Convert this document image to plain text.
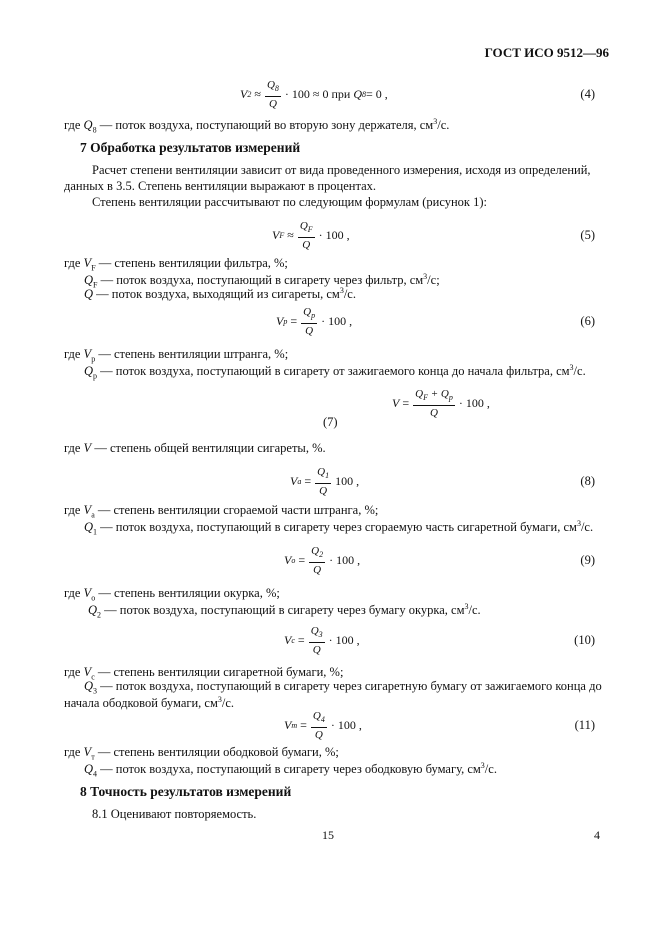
ГОСТ ИСО 9512—96
V $2 \approx \frac{Q_8}{Q} \cdot 100 \approx 0$ при
Q 8 = 0 ,	(4)
где $Q_8$ — поток воздуха, поступающий во вторую зону держателя, $см^3/с$.
7 Обработка результатов измерений
Расчет степени вентиляции зависит от вида проведенного измерения, исходя из определений, данных в 3.5. Степень вентиляции выражают в процентах.
Степень вентиляции рассчитывают по следующим формулам (рисунок 1):
V $F \approx \frac{Q_F}{Q} \cdot 100$ ,	(5)
где $V_F$ — степень вентиляции фильтра, %;
$Q_F$ — поток воздуха, поступающий в сигарету через фильтр, $см^3/с$;
Q — поток воздуха, выходящий из сигареты, $см^3/с$.
V $p = \frac{Q_p}{Q} \cdot 100$ ,	(6)
где $V_p$ — степень вентиляции штранга, %;
$Q_p$ — поток воздуха, поступающий в сигарету от зажигаемого конца до начала фильтра, $см^3/с$.
$V = \frac{Q_F + Q_p}{Q} \cdot 100$ ,
(7)
где V — степень общей вентиляции сигареты, %.
V $a = \frac{Q_1}{Q} 100$ ,	(8)
где $V_a$ — степень вентиляции сгораемой части штранга, %;
$Q_1$ — поток воздуха, поступающий в сигарету через сгораемую часть сигаретной бумаги, $см^3/с$.
V $o = \frac{Q_2}{Q} \cdot 100$ ,	(9)
где $V_o$ — степень вентиляции окурка, %;
$Q_2$ — поток воздуха, поступающий в сигарету через бумагу окурка, $см^3/с$.
V $c = \frac{Q_3}{Q} \cdot 100$ ,	(10)
где $V_c$ — степень вентиляции сигаретной бумаги, %;
$Q_3$ — поток воздуха, поступающий в сигарету через сигаретную бумагу от зажигаемого конца до
начала ободковой бумаги, $см^3/с$.
V $т = \frac{Q_4}{Q} \cdot 100$ ,	(11)
где $V_т$ — степень вентиляции ободковой бумаги, %;
$Q_4$ — поток воздуха, поступающий в сигарету через ободковую бумагу, $см^3/с$.
8 Точность результатов измерений
8.1 Оценивают повторяемость.
15	4
